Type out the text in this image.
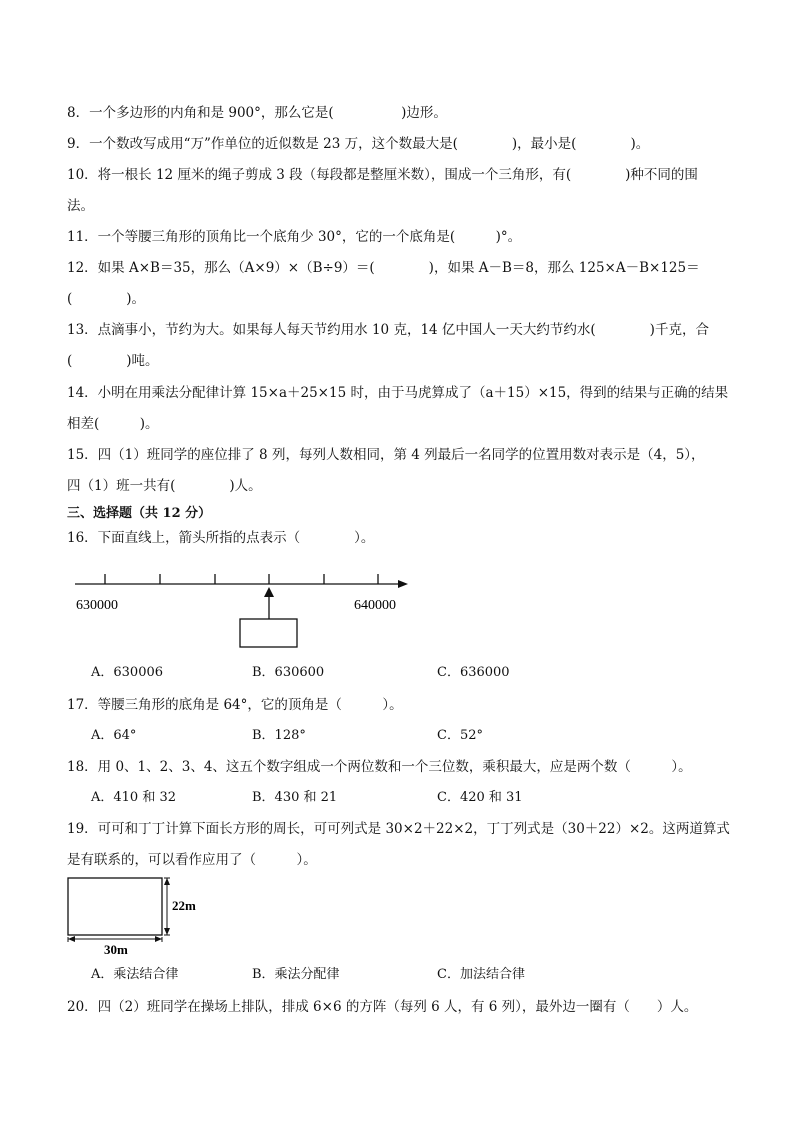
8．一个多边形的内角和是 900°，那么它是(　　　　　)边形。
9．一个数改写成用“万”作单位的近似数是 23 万，这个数最大是(　　　　)，最小是(　　　　)。
10．将一根长 12 厘米的绳子剪成 3 段（每段都是整厘米数），围成一个三角形，有(　　　　)种不同的围
法。
11．一个等腰三角形的顶角比一个底角少 30°，它的一个底角是(　　　)°。
12．如果 A×B＝35，那么（A×9）×（B÷9）＝(　　　　)，如果 A－B＝8，那么 125×A－B×125＝
(　　　　)。
13．点滴事小，节约为大。如果每人每天节约用水 10 克，14 亿中国人一天大约节约水(　　　　)千克，合
(　　　　)吨。
14．小明在用乘法分配律计算 15×a＋25×15 时，由于马虎算成了（a＋15）×15，得到的结果与正确的结果
相差(　　　)。
15．四（1）班同学的座位排了 8 列，每列人数相同，第 4 列最后一名同学的位置用数对表示是（4，5），
四（1）班一共有(　　　　)人。
三、选择题（共 12 分）
16．下面直线上，箭头所指的点表示（　　　　）。
630000	640000
A．630006	B．630600	C．636000
17．等腰三角形的底角是 64°，它的顶角是（　　　）。
A．64°	B．128°	C．52°
18．用 0、1、2、3、4、这五个数字组成一个两位数和一个三位数，乘积最大，应是两个数（　　　）。
A．410 和 32	B．430 和 21	C．420 和 31
19．可可和丁丁计算下面长方形的周长，可可列式是 30×2＋22×2，丁丁列式是（30＋22）×2。这两道算式
是有联系的，可以看作应用了（　　　）。
22m
30m
A．乘法结合律	B．乘法分配律	C．加法结合律
20．四（2）班同学在操场上排队，排成 6×6 的方阵（每列 6 人，有 6 列），最外边一圈有（　　）人。
